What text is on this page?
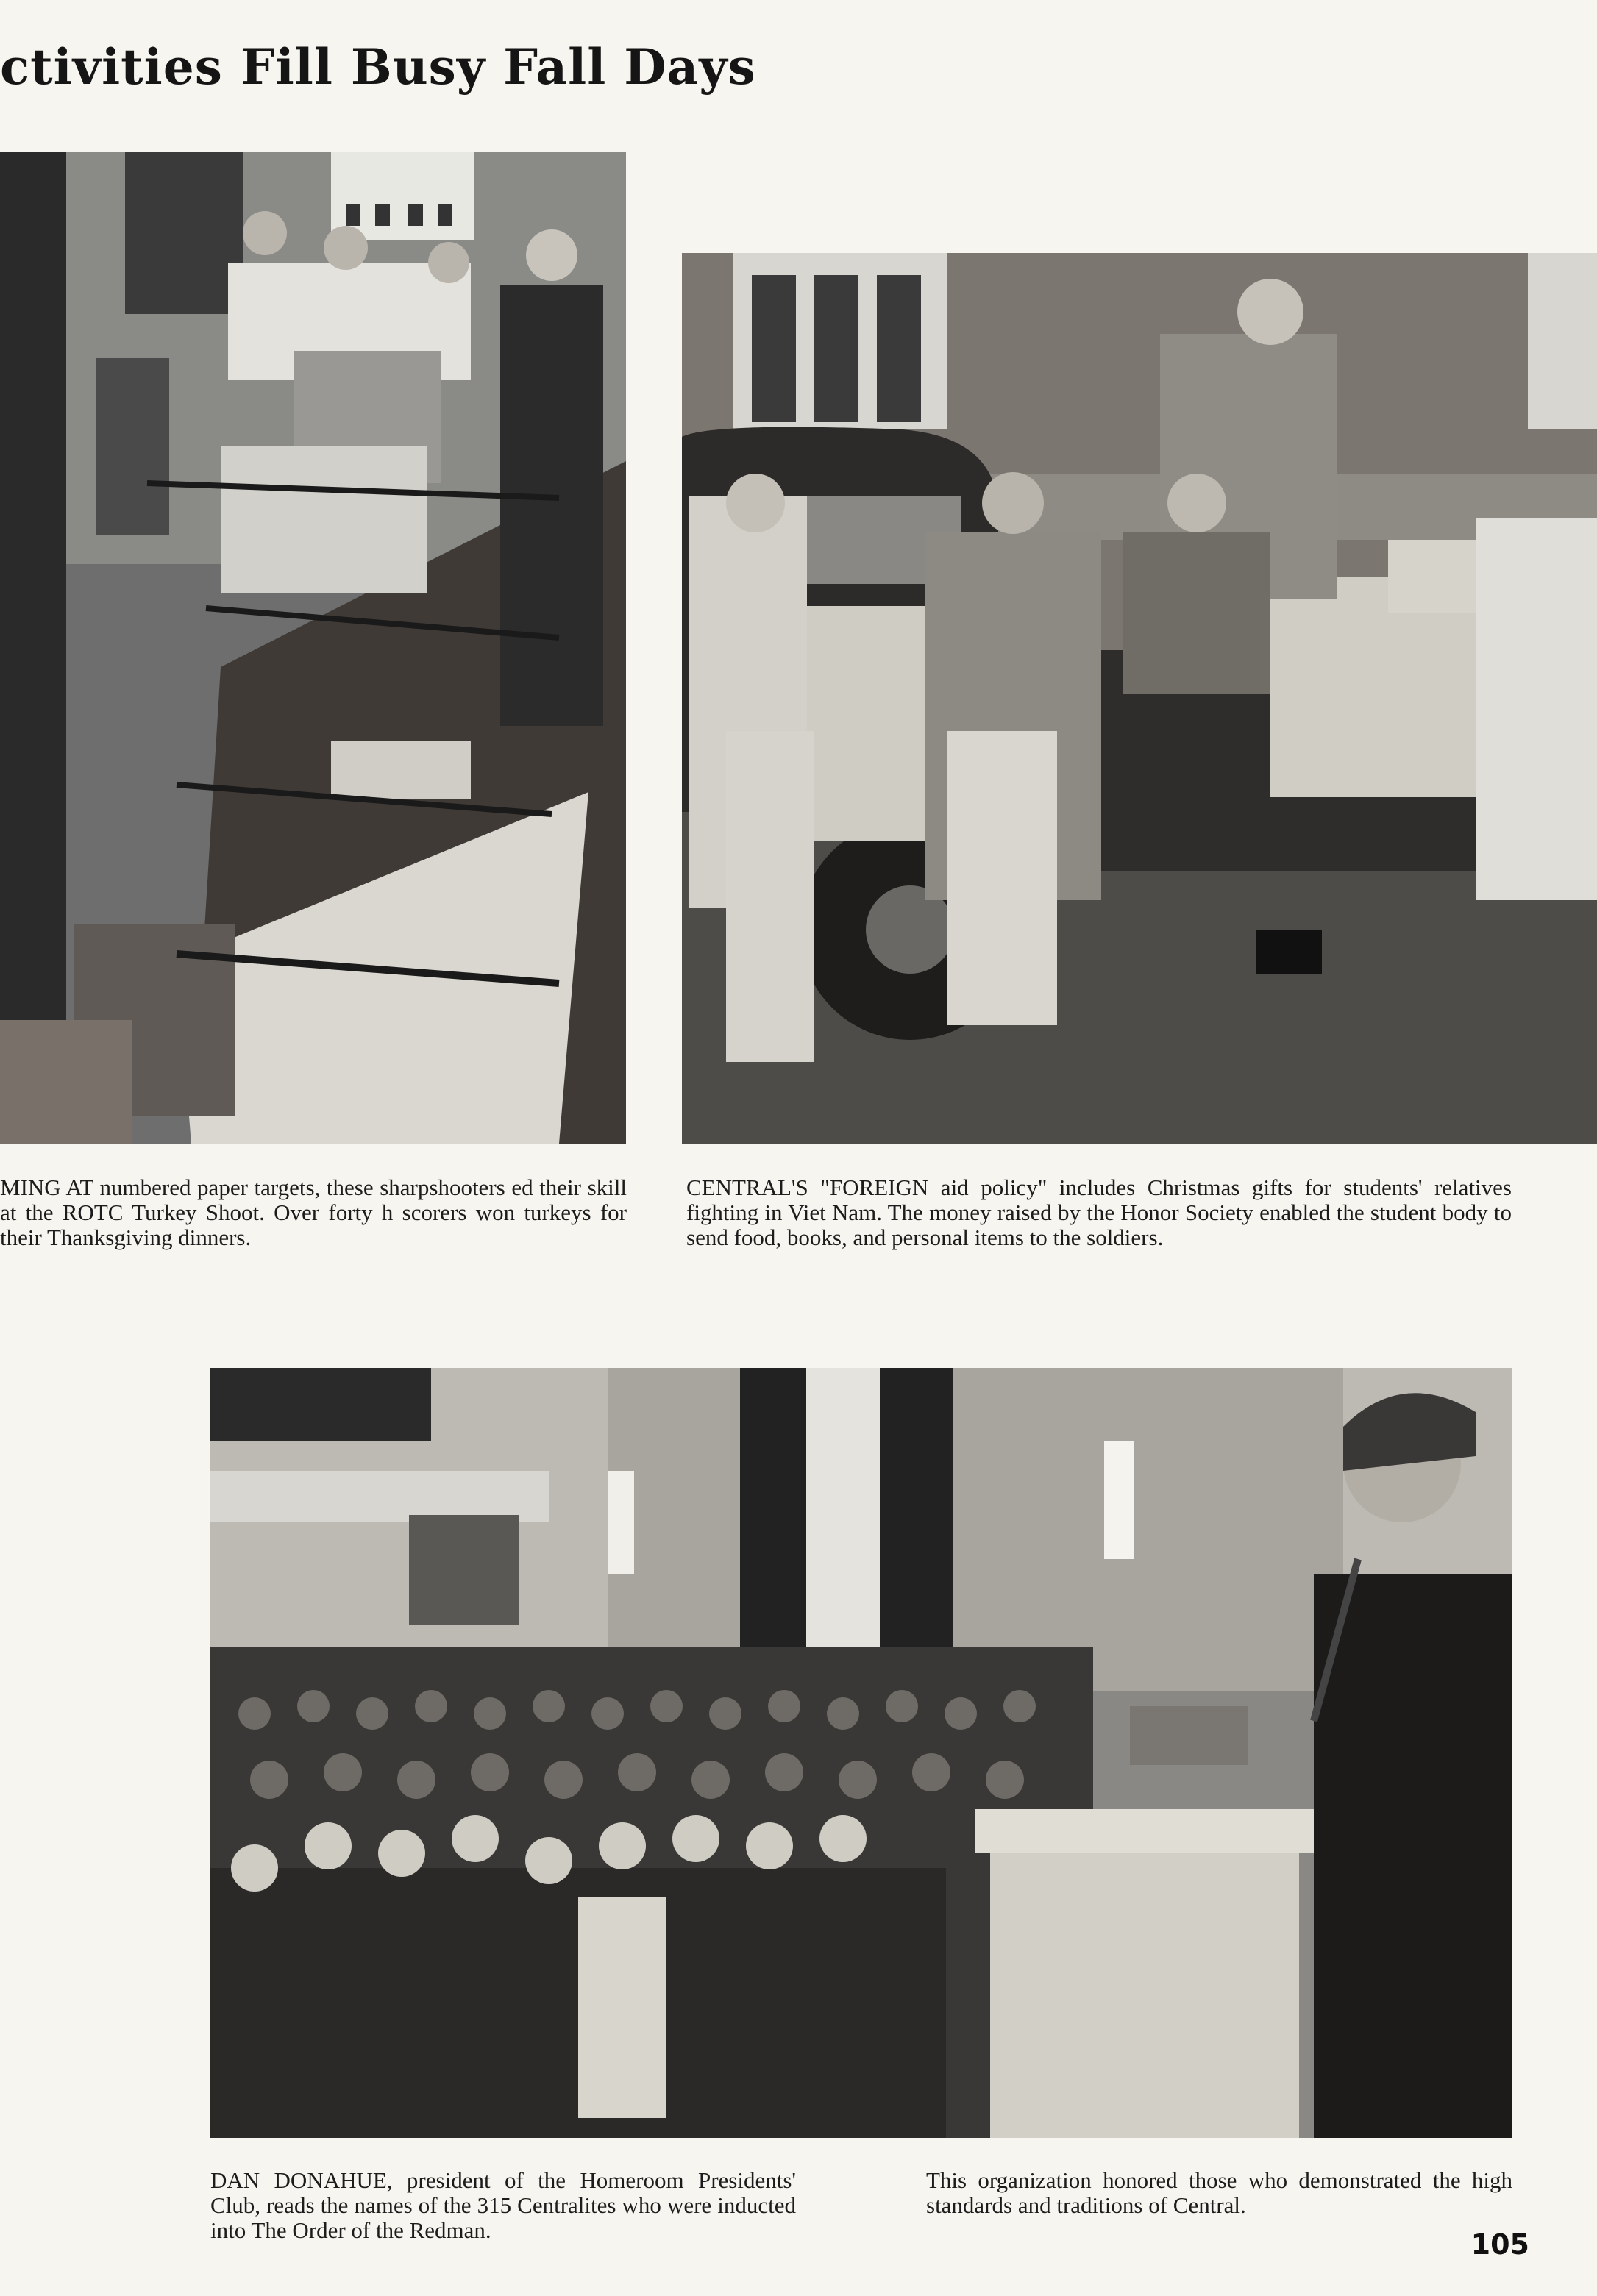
ctivities Fill Busy Fall Days

MING AT numbered paper targets, these sharpshooters ed their skill at the ROTC Turkey Shoot. Over forty h scorers won turkeys for their Thanksgiving dinners.

CENTRAL'S "FOREIGN aid policy" includes Christmas gifts for students' relatives fighting in Viet Nam. The money raised by the Honor Society enabled the student body to send food, books, and personal items to the soldiers.

DAN DONAHUE, president of the Homeroom Presidents' Club, reads the names of the 315 Centralites who were inducted into The Order of the Redman.

This organization honored those who demonstrated the high standards and traditions of Central.

105
